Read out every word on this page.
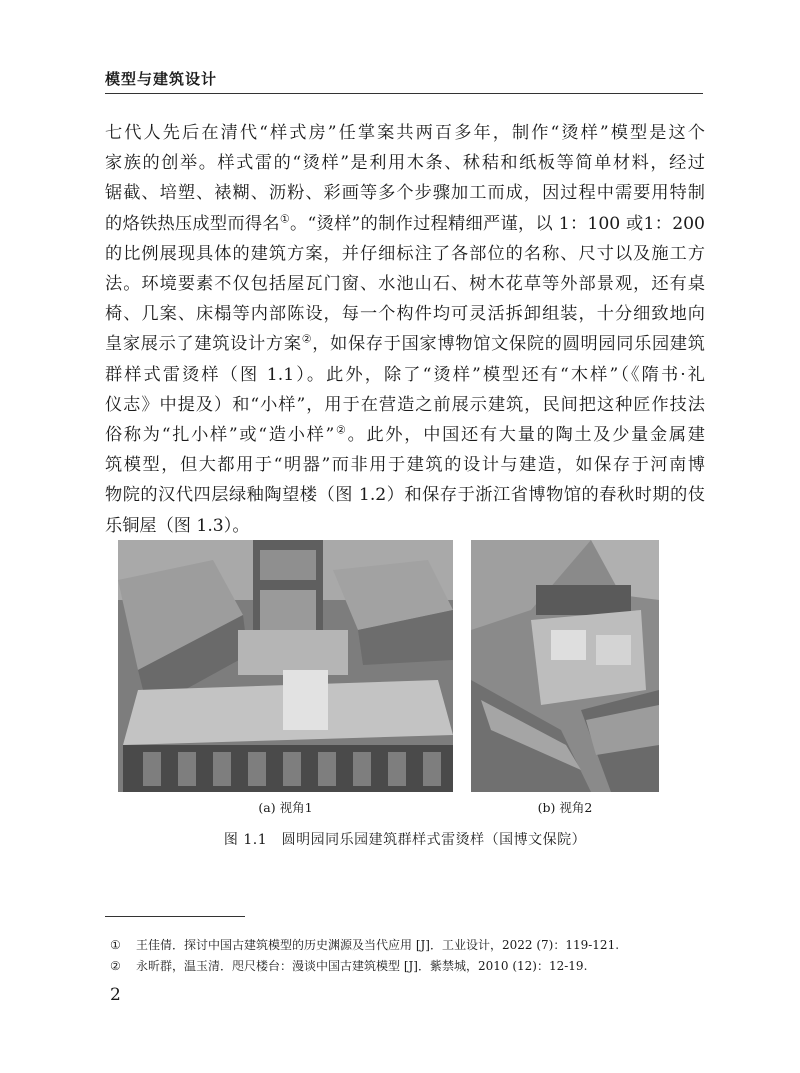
模型与建筑设计
七代人先后在清代“样式房”任掌案共两百多年，制作“烫样”模型是这个
家族的创举。样式雷的“烫样”是利用木条、秫秸和纸板等简单材料，经过
锯截、培塑、裱糊、沥粉、彩画等多个步骤加工而成，因过程中需要用特制
的烙铁热压成型而得名①。“烫样”的制作过程精细严谨，以 1：100 或1：200
的比例展现具体的建筑方案，并仔细标注了各部位的名称、尺寸以及施工方
法。环境要素不仅包括屋瓦门窗、水池山石、树木花草等外部景观，还有桌
椅、几案、床榻等内部陈设，每一个构件均可灵活拆卸组装，十分细致地向
皇家展示了建筑设计方案②，如保存于国家博物馆文保院的圆明园同乐园建筑
群样式雷烫样（图 1.1）。此外，除了“烫样”模型还有“木样”（《隋书·礼
仪志》中提及）和“小样”，用于在营造之前展示建筑，民间把这种匠作技法
俗称为“扎小样”或“造小样”②。此外，中国还有大量的陶土及少量金属建
筑模型，但大都用于“明器”而非用于建筑的设计与建造，如保存于河南博
物院的汉代四层绿釉陶望楼（图 1.2）和保存于浙江省博物馆的春秋时期的伎
乐铜屋（图 1.3）。
(a) 视角1	(b) 视角2
图 1.1　圆明园同乐园建筑群样式雷烫样（国博文保院）
① 王佳倩．探讨中国古建筑模型的历史渊源及当代应用 [J]．工业设计，2022 (7)：119-121.
② 永昕群，温玉清．咫尺楼台：漫谈中国古建筑模型 [J]．紫禁城，2010 (12)：12-19.
2
